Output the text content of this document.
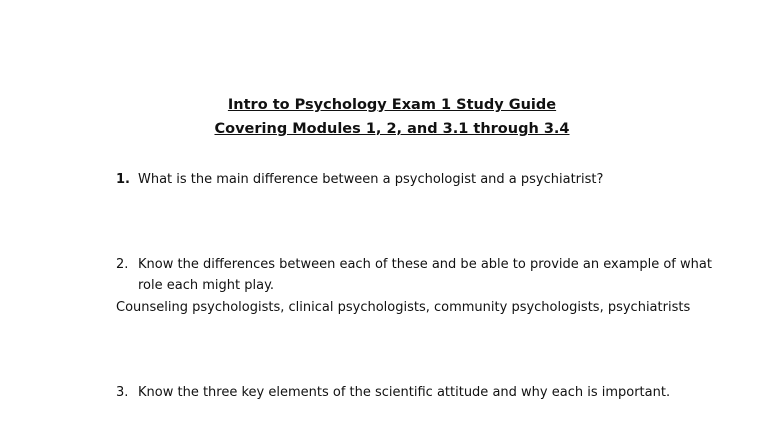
Intro to Psychology Exam 1 Study Guide
Covering Modules 1, 2, and 3.1 through 3.4
1. What is the main difference between a psychologist and a psychiatrist?
2. Know the differences between each of these and be able to provide an example of what role each might play.
Counseling psychologists, clinical psychologists, community psychologists, psychiatrists
3. Know the three key elements of the scientific attitude and why each is important.
